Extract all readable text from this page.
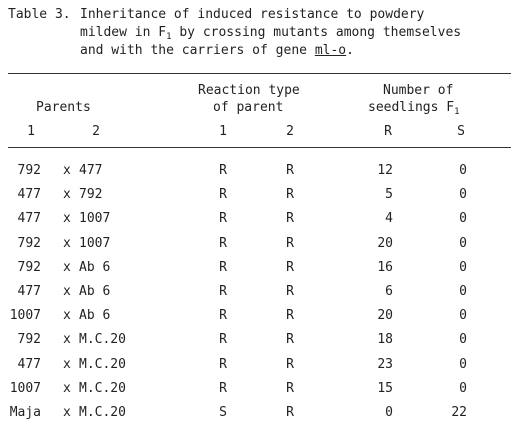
Table 3. Inheritance of induced resistance to powdery
mildew in $F_1$ by crossing mutants among themselves
and with the carriers of gene ml-o.
Parents
Reaction type
of parent
Number of
seedlings $F_1$
1	2	1	2	R	S
792 x 477	R	R	12	0
477 x 792	R	R	5	0
477 x 1007	R	R	4	0
792 x 1007	R	R	20	0
792 x Ab 6	R	R	16	0
477 x Ab 6	R	R	6	0
1007 x Ab 6	R	R	20	0
792 x M.C.20	R	R	18	0
477 x M.C.20	R	R	23	0
1007 x M.C.20	R	R	15	0
Maja x M.C.20	S	R	0	22
